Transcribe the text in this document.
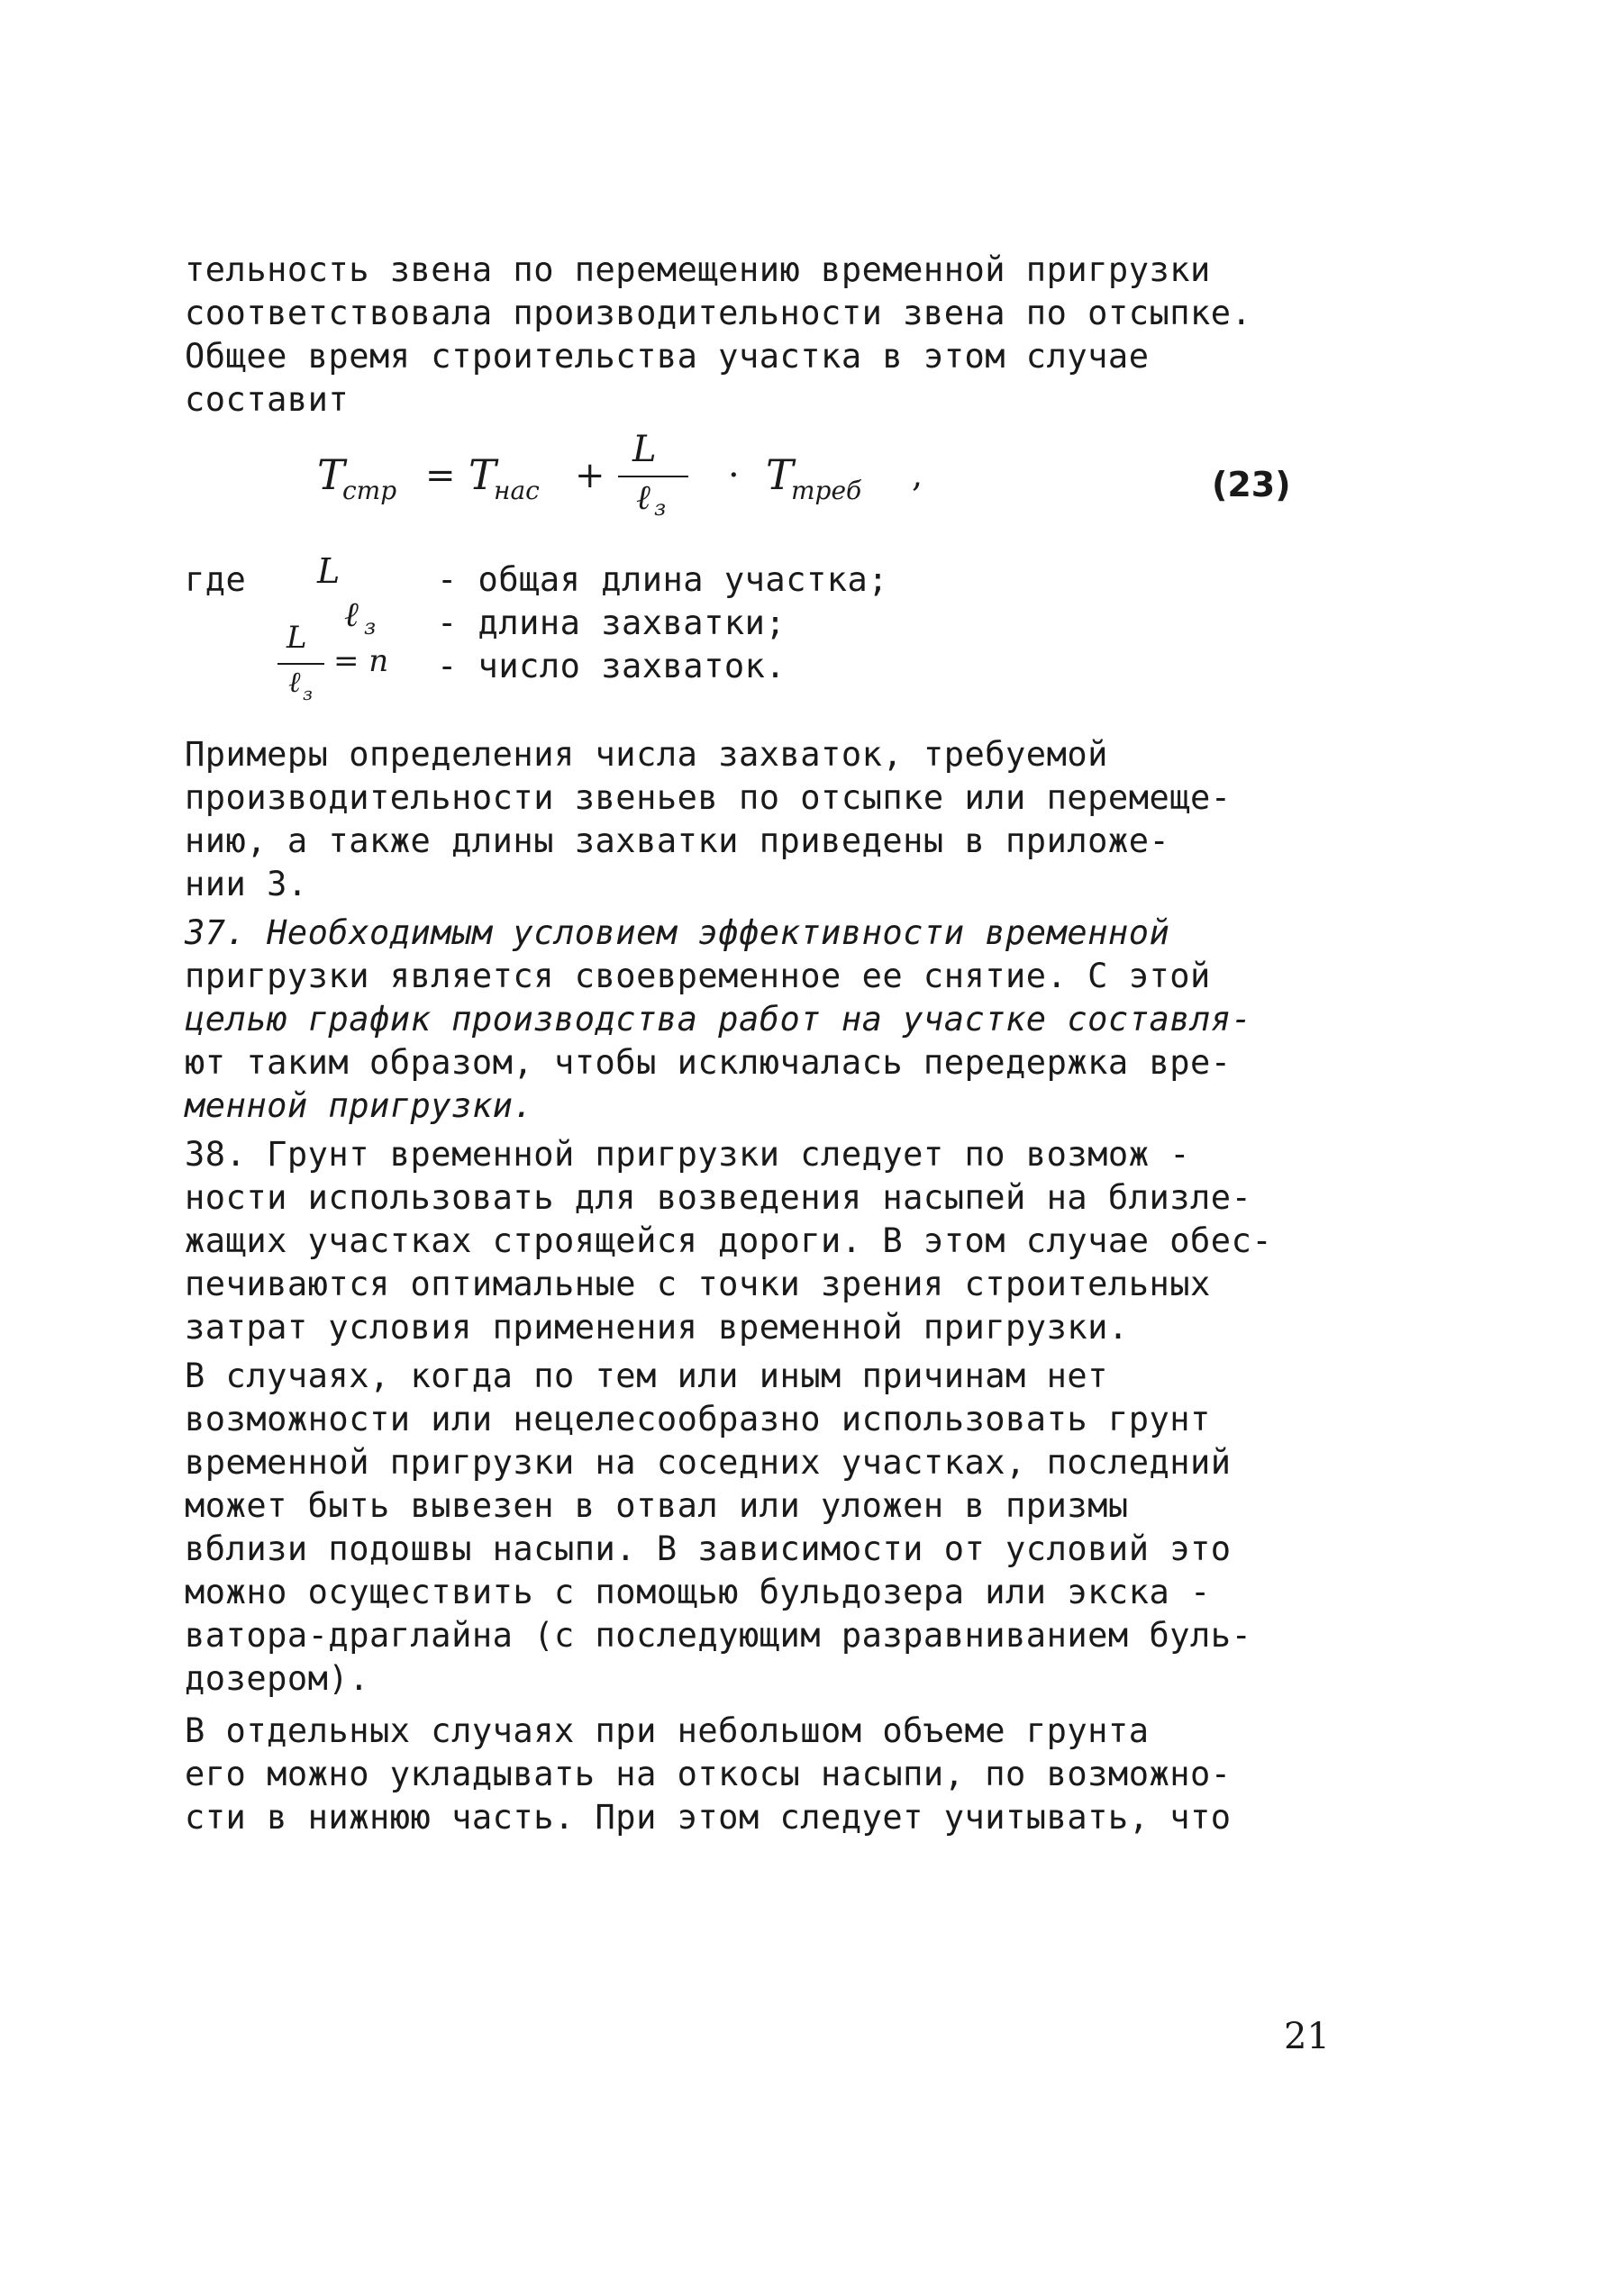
тельность звена по перемещению временной пригрузки
соответствовала производительности звена по отсыпке.
Общее время строительства участка в этом случае
составит
T
стр = T
нас +
L
ℓ з
· T
треб ,	(23)
где L	- общая длина участка;
ℓ з - длина захватки;
L
ℓ з
= n - число захваток.
Примеры определения числа захваток, требуемой
производительности звеньев по отсыпке или перемеще-
нию, а также длины захватки приведены в приложе-
нии 3.
37. Необходимым условием эффективности временной
пригрузки является своевременное ее снятие. С этой
целью график производства работ на участке составля-
ют таким образом, чтобы исключалась передержка вре-
менной пригрузки.
38. Грунт временной пригрузки следует по возмож -
ности использовать для возведения насыпей на близле-
жащих участках строящейся дороги. В этом случае обес-
печиваются оптимальные с точки зрения строительных
затрат условия применения временной пригрузки.
В случаях, когда по тем или иным причинам нет
возможности или нецелесообразно использовать грунт
временной пригрузки на соседних участках, последний
может быть вывезен в отвал или уложен в призмы
вблизи подошвы насыпи. В зависимости от условий это
можно осуществить с помощью бульдозера или экска -
ватора-драглайна (с последующим разравниванием буль-
дозером).
В отдельных случаях при небольшом объеме грунта
его можно укладывать на откосы насыпи, по возможно-
сти в нижнюю часть. При этом следует учитывать, что
21
